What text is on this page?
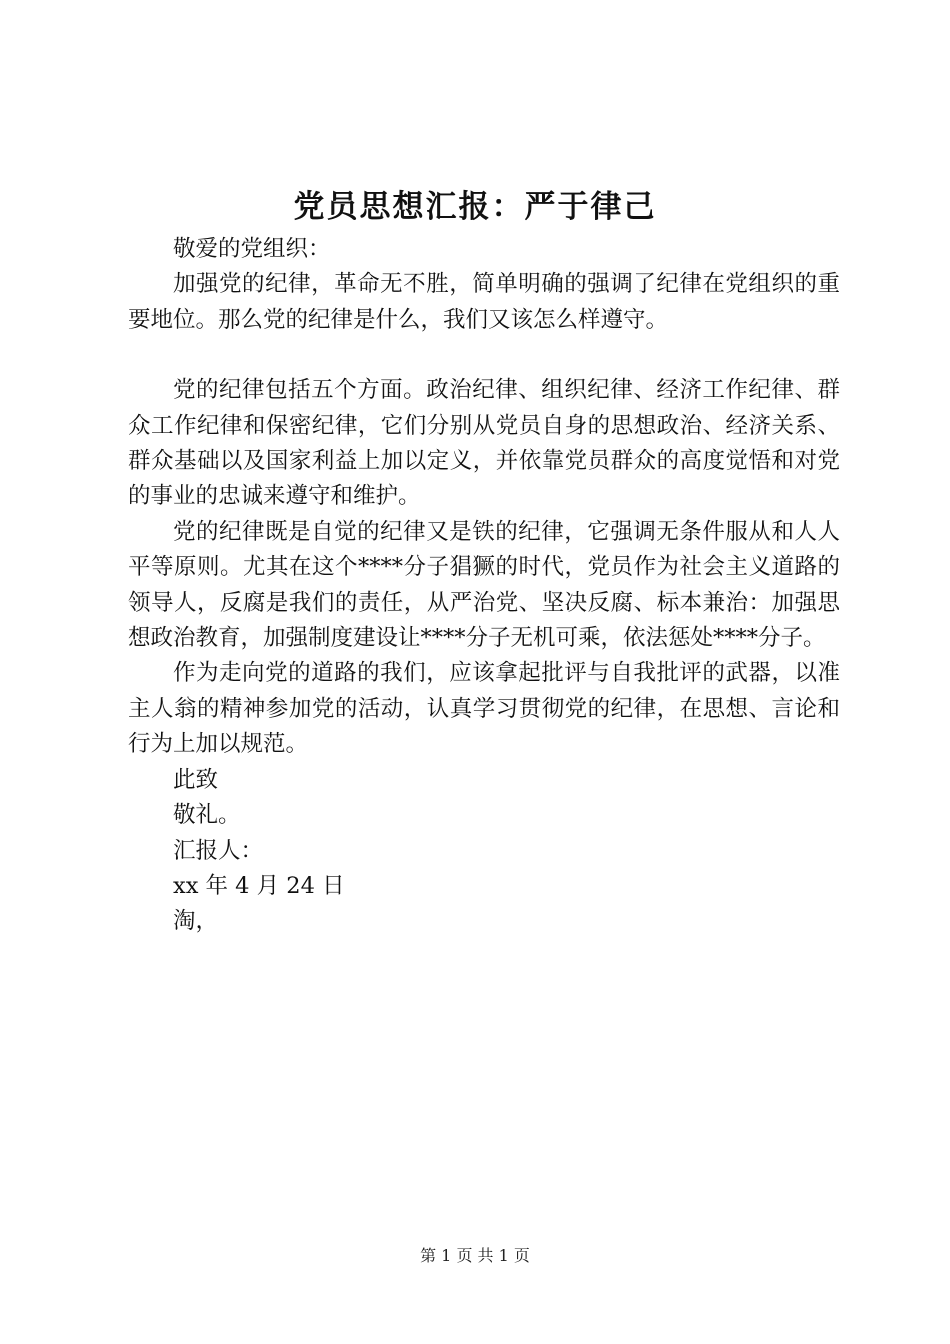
党员思想汇报：严于律己

敬爱的党组织：

加强党的纪律，革命无不胜，简单明确的强调了纪律在党组织的重要地位。那么党的纪律是什么，我们又该怎么样遵守。

党的纪律包括五个方面。政治纪律、组织纪律、经济工作纪律、群众工作纪律和保密纪律，它们分别从党员自身的思想政治、经济关系、群众基础以及国家利益上加以定义，并依靠党员群众的高度觉悟和对党的事业的忠诚来遵守和维护。

党的纪律既是自觉的纪律又是铁的纪律，它强调无条件服从和人人平等原则。尤其在这个****分子猖獗的时代，党员作为社会主义道路的领导人，反腐是我们的责任，从严治党、坚决反腐、标本兼治：加强思想政治教育，加强制度建设让****分子无机可乘，依法惩处****分子。

作为走向党的道路的我们，应该拿起批评与自我批评的武器，以准主人翁的精神参加党的活动，认真学习贯彻党的纪律，在思想、言论和行为上加以规范。

此致

敬礼。

汇报人：

xx 年 4 月 24 日

淘，

第 1 页 共 1 页
